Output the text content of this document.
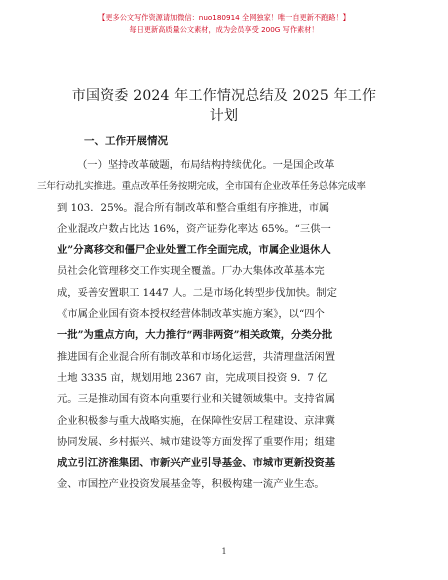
【更多公文写作资源请加微信：nuo180914 全网独家！唯一自更新不跑路！】
每日更新高质量公文素材，成为会员享受 200G 写作素材！
市国资委 2024 年工作情况总结及 2025 年工作
计划
一、工作开展情况
（一）坚持改革破题，布局结构持续优化。一是国企改革
三年行动扎实推进。重点改革任务按期完成，全市国有企业改革任务总体完成率
到 103．25%。混合所有制改革和整合重组有序推进，市属
企业混改户数占比达 16%，资产证券化率达 65%。“三供一
业”分离移交和僵尸企业处置工作全面完成，市属企业退休人
员社会化管理移交工作实现全覆盖。厂办大集体改革基本完
成，妥善安置职工 1447 人。二是市场化转型步伐加快。制定
《市属企业国有资本授权经营体制改革实施方案》，以“四个
一批”为重点方向，大力推行“两非两资”相关政策，分类分批
推进国有企业混合所有制改革和市场化运营，共清理盘活闲置
土地 3335 亩，规划用地 2367 亩，完成项目投资 9．7 亿
元。三是推动国有资本向重要行业和关键领域集中。支持省属
企业积极参与重大战略实施，在保障性安居工程建设、京津冀
协同发展、乡村振兴、城市建设等方面发挥了重要作用；组建
成立引江济淮集团、市新兴产业引导基金、市城市更新投资基
金、市国控产业投资发展基金等，积极构建一流产业生态。
1
